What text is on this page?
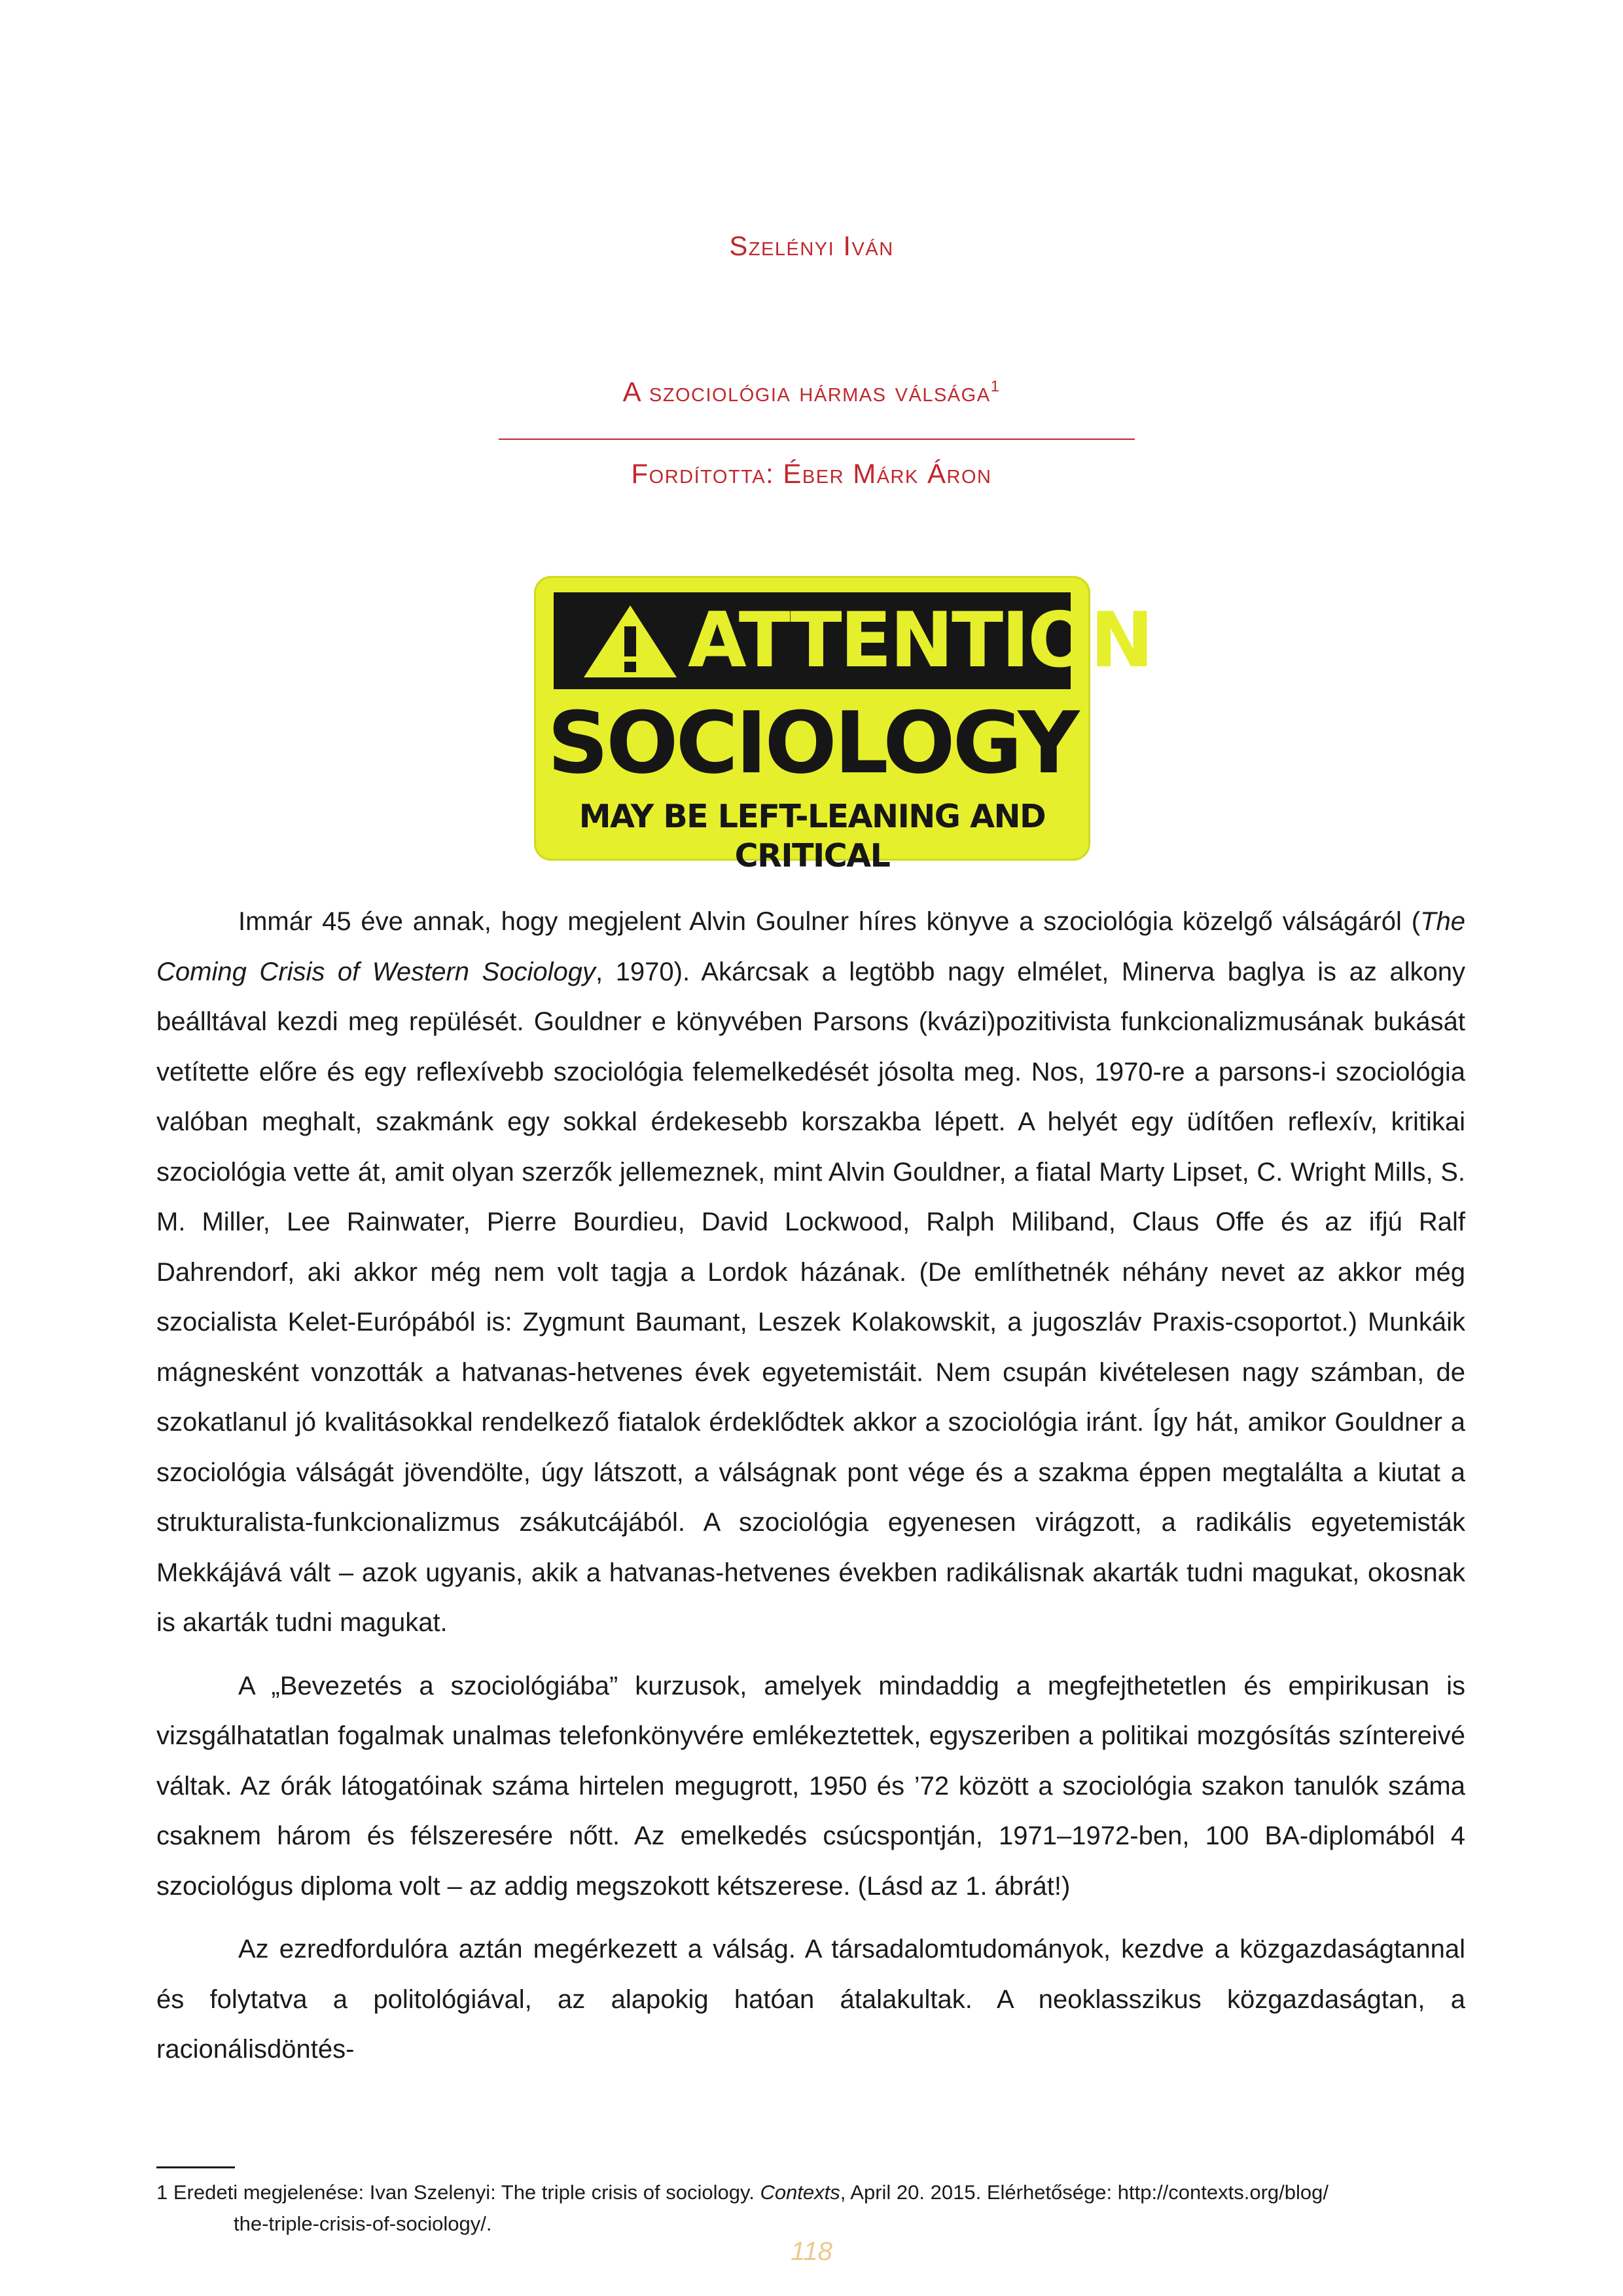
Szelényi Iván
A szociológia hármas válsága$^1$
Fordította: Éber Márk Áron
ATTENTION
SOCIOLOGY
MAY BE LEFT-LEANING AND CRITICAL

Immár 45 éve annak, hogy megjelent Alvin Goulner híres könyve a szociológia közelgő válságáról (The Coming Crisis of Western Sociology, 1970). Akárcsak a legtöbb nagy elmélet, Minerva baglya is az alkony beálltával kezdi meg repülését. Gouldner e könyvében Parsons (kvázi)pozitivista funkcionalizmusának bukását vetítette előre és egy reflexívebb szociológia felemelkedését jósolta meg. Nos, 1970-re a parsons-i szociológia valóban meghalt, szakmánk egy sokkal érdekesebb korszakba lépett. A helyét egy üdítően reflexív, kritikai szociológia vette át, amit olyan szerzők jellemeznek, mint Alvin Gouldner, a fiatal Marty Lipset, C. Wright Mills, S. M. Miller, Lee Rainwater, Pierre Bourdieu, David Lockwood, Ralph Miliband, Claus Offe és az ifjú Ralf Dahrendorf, aki akkor még nem volt tagja a Lordok házának. (De említhetnék néhány nevet az akkor még szocialista Kelet-Európából is: Zygmunt Baumant, Leszek Kolakowskit, a jugoszláv Praxis-csoportot.) Munkáik mágnesként vonzották a hatvanas-hetvenes évek egyetemistáit. Nem csupán kivételesen nagy számban, de szokatlanul jó kvalitásokkal rendelkező fiatalok érdeklődtek akkor a szociológia iránt. Így hát, amikor Gouldner a szociológia válságát jövendölte, úgy látszott, a válságnak pont vége és a szakma éppen megtalálta a kiutat a strukturalista-funkcionalizmus zsákutcájából. A szociológia egyenesen virágzott, a radikális egyetemisták Mekkájává vált – azok ugyanis, akik a hatvanas-hetvenes években radikálisnak akarták tudni magukat, okosnak is akarták tudni magukat.

A „Bevezetés a szociológiába” kurzusok, amelyek mindaddig a megfejthetetlen és empirikusan is vizsgálhatatlan fogalmak unalmas telefonkönyvére emlékeztettek, egyszeriben a politikai mozgósítás színtereivé váltak. Az órák látogatóinak száma hirtelen megugrott, 1950 és ’72 között a szociológia szakon tanulók száma csaknem három és félszeresére nőtt. Az emelkedés csúcspontján, 1971–1972-ben, 100 BA-diplomából 4 szociológus diploma volt – az addig megszokott kétszerese. (Lásd az 1. ábrát!)

Az ezredfordulóra aztán megérkezett a válság. A társadalomtudományok, kezdve a közgazdaságtannal és folytatva a politológiával, az alapokig hatóan átalakultak. A neoklasszikus közgazdaságtan, a racionálisdöntés-

1 Eredeti megjelenése: Ivan Szelenyi: The triple crisis of sociology. Contexts, April 20. 2015. Elérhetősége: http://contexts.org/blog/
the-triple-crisis-of-sociology/.
118
